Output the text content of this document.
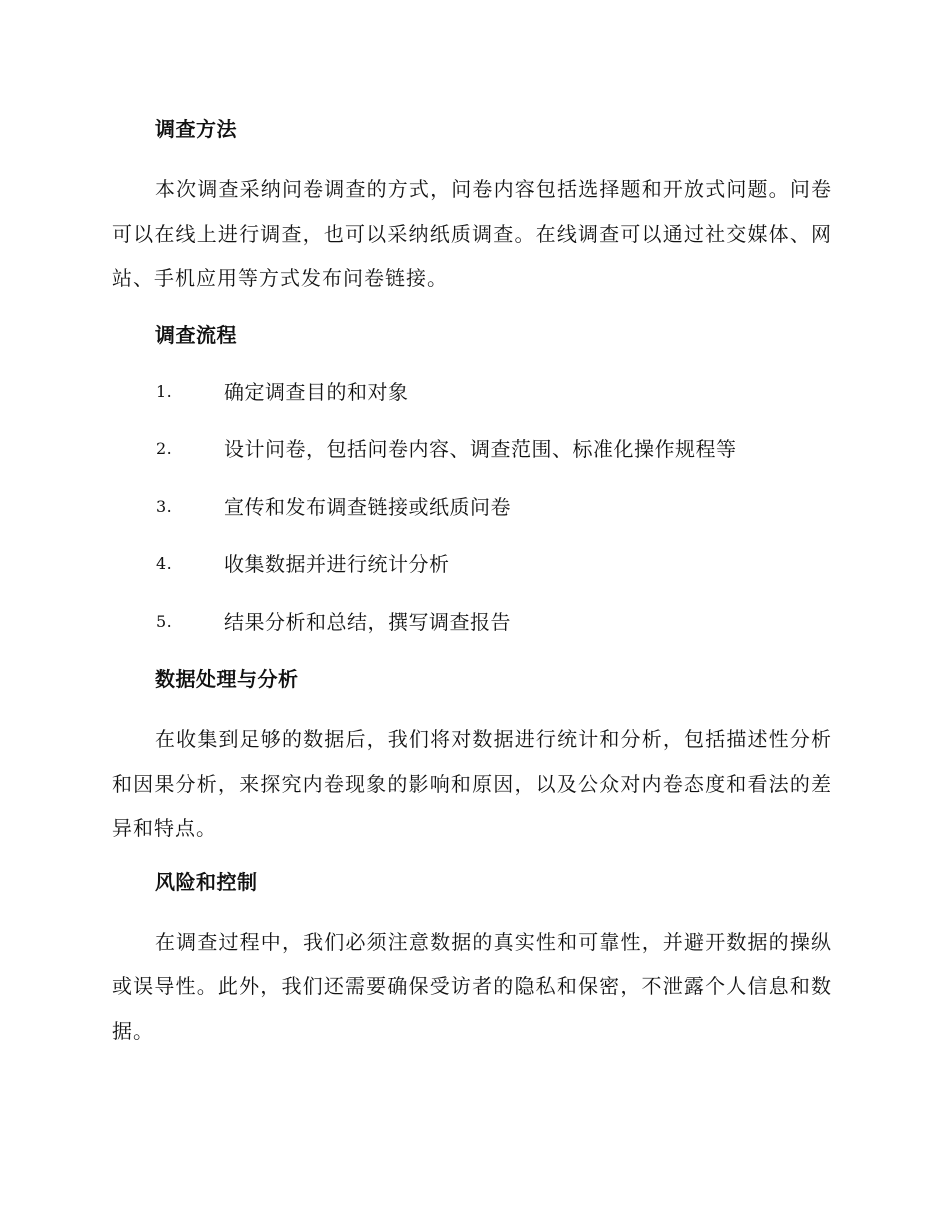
调查方法

本次调查采纳问卷调查的方式，问卷内容包括选择题和开放式问题。问卷可以在线上进行调查，也可以采纳纸质调查。在线调查可以通过社交媒体、网站、手机应用等方式发布问卷链接。

调查流程
1.	确定调查目的和对象
2.	设计问卷，包括问卷内容、调查范围、标准化操作规程等
3.	宣传和发布调查链接或纸质问卷
4.	收集数据并进行统计分析
5.	结果分析和总结，撰写调查报告
数据处理与分析

在收集到足够的数据后，我们将对数据进行统计和分析，包括描述性分析和因果分析，来探究内卷现象的影响和原因，以及公众对内卷态度和看法的差异和特点。

风险和控制

在调查过程中，我们必须注意数据的真实性和可靠性，并避开数据的操纵或误导性。此外，我们还需要确保受访者的隐私和保密，不泄露个人信息和数据。
